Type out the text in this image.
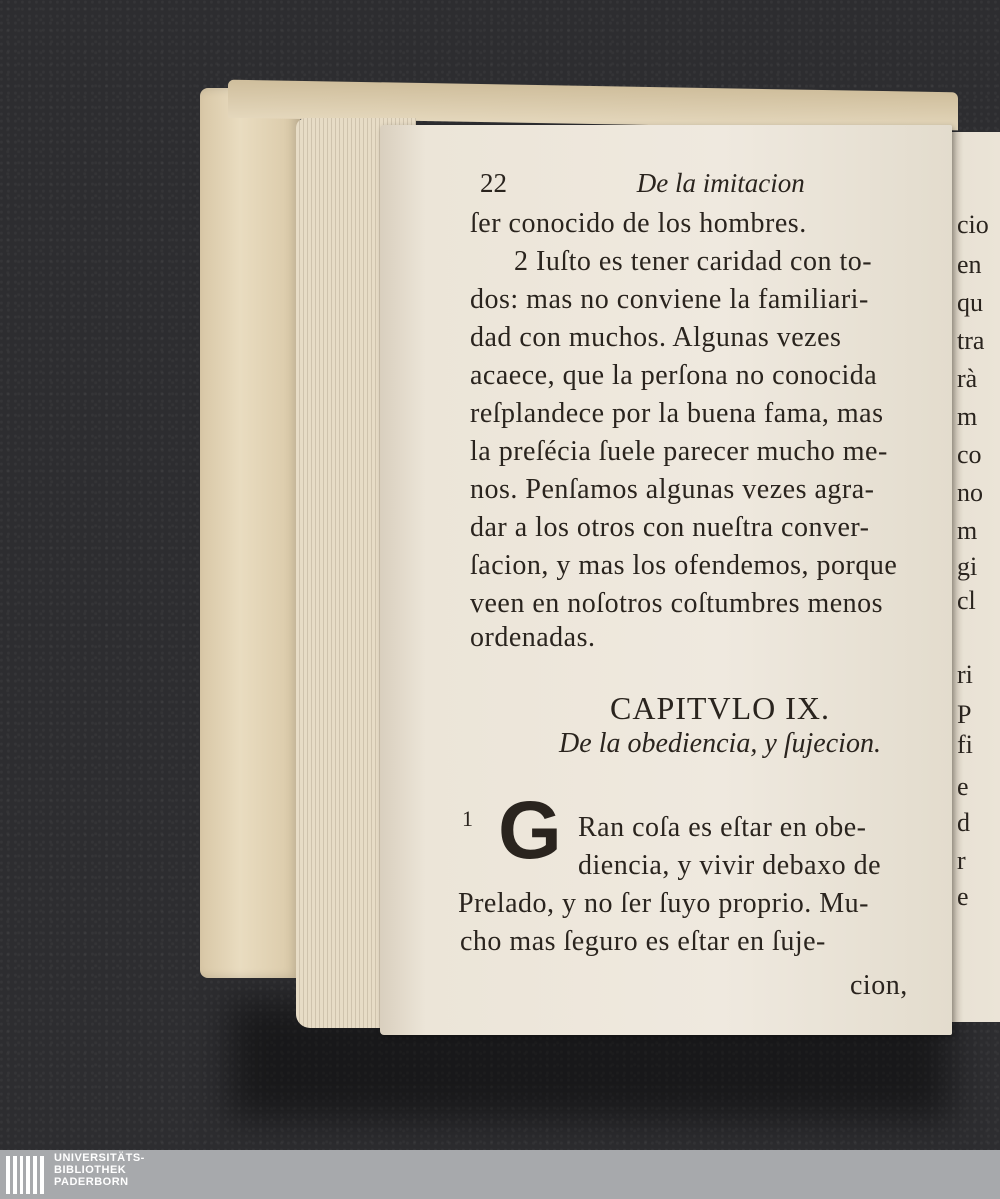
22	De la imitacion
ſer conocido de los hombres.
2 Iuſto es tener caridad con to-
dos: mas no conviene la familiari-
dad con muchos. Algunas vezes
acaece, que la perſona no conocida
reſplandece por la buena fama, mas
la preſécia ſuele parecer mucho me-
nos. Penſamos algunas vezes agra-
dar a los otros con nueſtra conver-
ſacion, y mas los ofendemos, porque
veen en noſotros coſtumbres menos
ordenadas.
CAPITVLO IX.
De la obediencia, y ſujecion.
1 G Ran coſa es eſtar en obe-
diencia, y vivir debaxo de
Prelado, y no ſer ſuyo proprio. Mu-
cho mas ſeguro es eſtar en ſuje-
cion,
cio
en
qu
tra
rà
m
co
no
m
gi
cl
ri
P
fi
e
d
r
e
UNIVERSITÄTS-
BIBLIOTHEK
PADERBORN
